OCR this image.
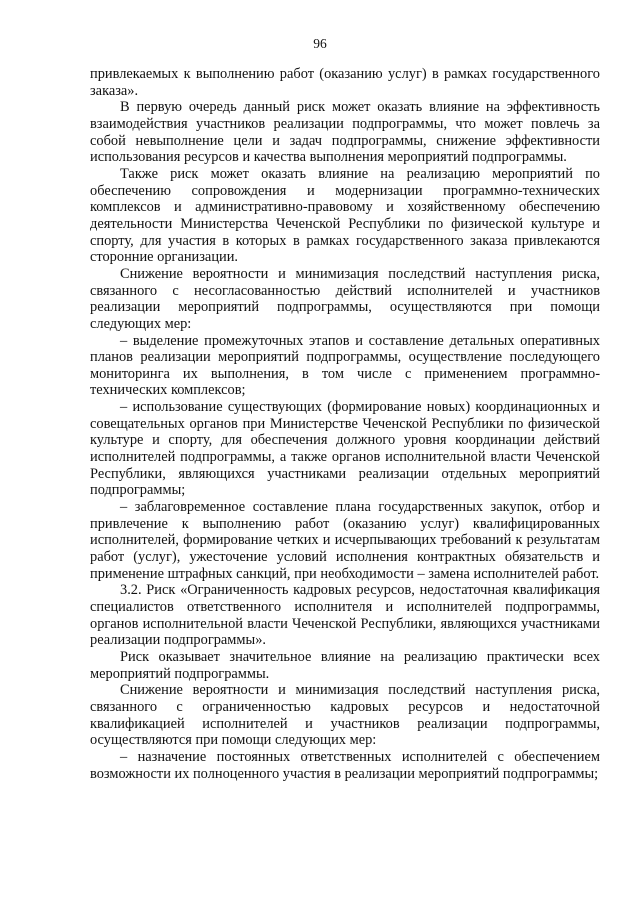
96

привлекаемых к выполнению работ (оказанию услуг) в рамках государственного заказа».

В первую очередь данный риск может оказать влияние на эффективность взаимодействия участников реализации подпрограммы, что может повлечь за собой невыполнение цели и задач подпрограммы, снижение эффективности использования ресурсов и качества выполнения мероприятий подпрограммы.

Также риск может оказать влияние на реализацию мероприятий по обеспечению сопровождения и модернизации программно-технических комплексов и административно-правовому и хозяйственному обеспечению деятельности Министерства Чеченской Республики по физической культуре и спорту, для участия в которых в рамках государственного заказа привлекаются сторонние организации.

Снижение вероятности и минимизация последствий наступления риска, связанного с несогласованностью действий исполнителей и участников реализации мероприятий подпрограммы, осуществляются при помощи следующих мер:

– выделение промежуточных этапов и составление детальных оперативных планов реализации мероприятий подпрограммы, осуществление последующего мониторинга их выполнения, в том числе с применением программно-технических комплексов;

– использование существующих (формирование новых) координационных и совещательных органов при Министерстве Чеченской Республики по физической культуре и спорту, для обеспечения должного уровня координации действий исполнителей подпрограммы, а также органов исполнительной власти Чеченской Республики, являющихся участниками реализации отдельных мероприятий подпрограммы;

– заблаговременное составление плана государственных закупок, отбор и привлечение к выполнению работ (оказанию услуг) квалифицированных исполнителей, формирование четких и исчерпывающих требований к результатам работ (услуг), ужесточение условий исполнения контрактных обязательств и применение штрафных санкций, при необходимости – замена исполнителей работ.

3.2. Риск «Ограниченность кадровых ресурсов, недостаточная квалификация специалистов ответственного исполнителя и исполнителей подпрограммы, органов исполнительной власти Чеченской Республики, являющихся участниками реализации подпрограммы».

Риск оказывает значительное влияние на реализацию практически всех мероприятий подпрограммы.

Снижение вероятности и минимизация последствий наступления риска, связанного с ограниченностью кадровых ресурсов и недостаточной квалификацией исполнителей и участников реализации подпрограммы, осуществляются при помощи следующих мер:

– назначение постоянных ответственных исполнителей с обеспечением возможности их полноценного участия в реализации мероприятий подпрограммы;
